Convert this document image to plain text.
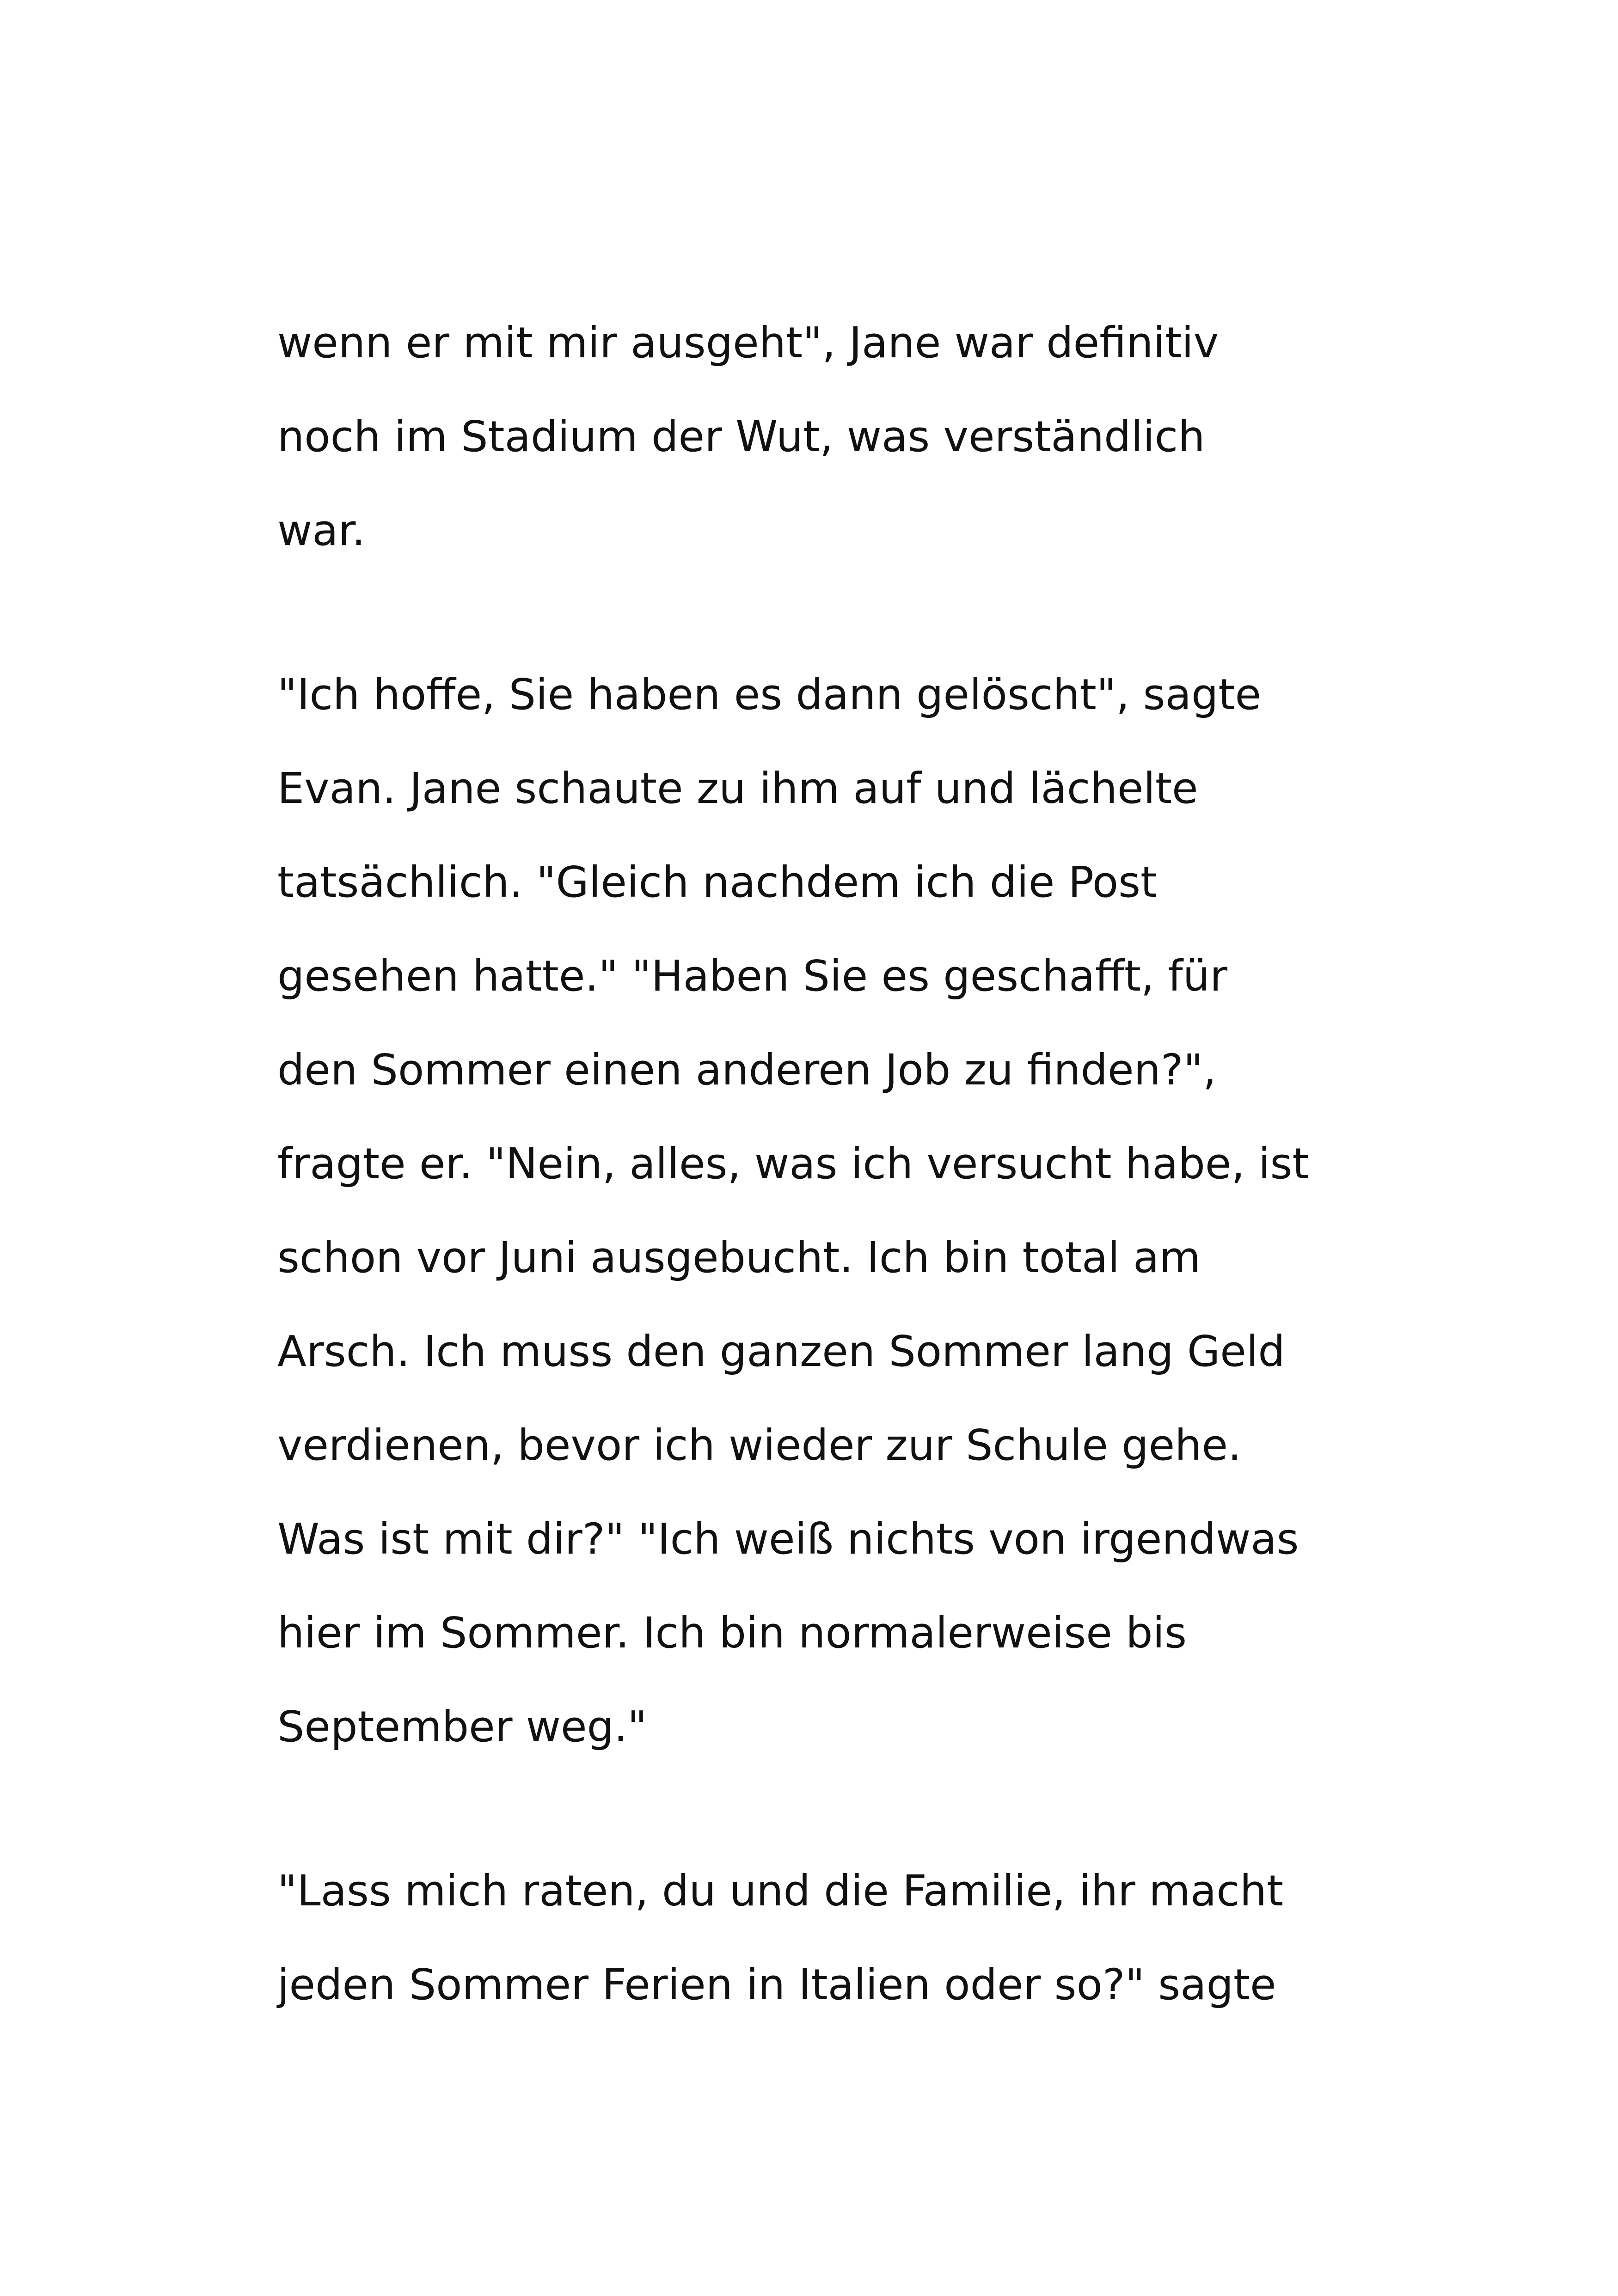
wenn er mit mir ausgeht", Jane war definitiv
noch im Stadium der Wut, was verständlich
war.
"Ich hoffe, Sie haben es dann gelöscht", sagte
Evan. Jane schaute zu ihm auf und lächelte
tatsächlich. "Gleich nachdem ich die Post
gesehen hatte." "Haben Sie es geschafft, für
den Sommer einen anderen Job zu finden?",
fragte er. "Nein, alles, was ich versucht habe, ist
schon vor Juni ausgebucht. Ich bin total am
Arsch. Ich muss den ganzen Sommer lang Geld
verdienen, bevor ich wieder zur Schule gehe.
Was ist mit dir?" "Ich weiß nichts von irgendwas
hier im Sommer. Ich bin normalerweise bis
September weg."
"Lass mich raten, du und die Familie, ihr macht
jeden Sommer Ferien in Italien oder so?" sagte
